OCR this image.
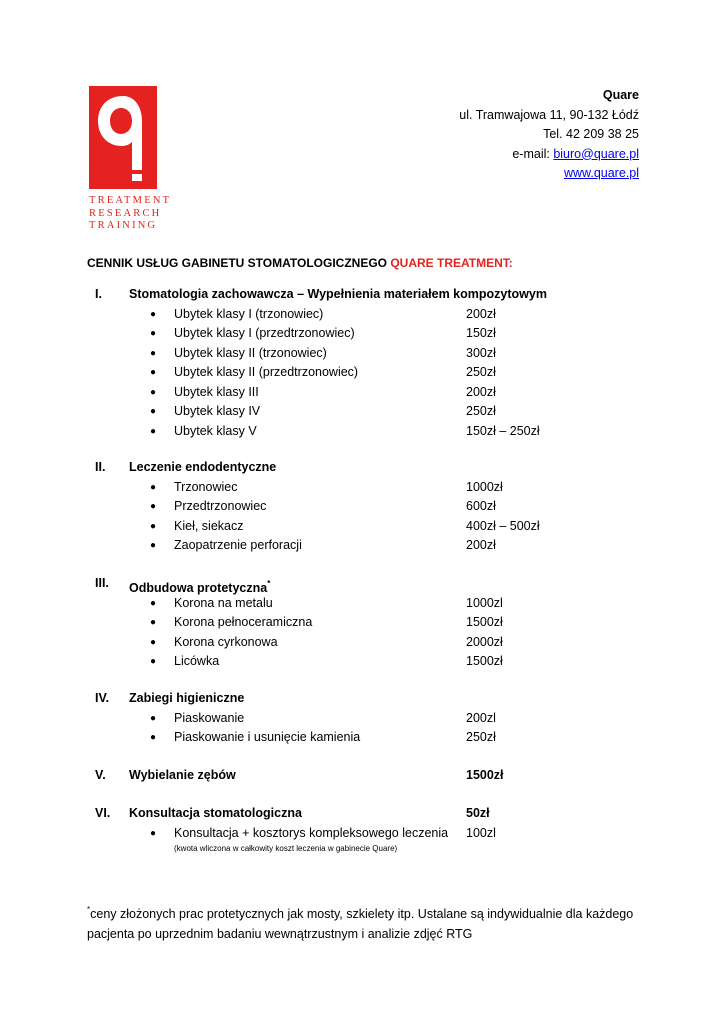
TREATMENT
RESEARCH
TRAINING
Quare
ul. Tramwajowa 11, 90-132 Łódź
Tel. 42 209 38 25
e-mail: biuro@quare.pl
www.quare.pl
CENNIK USŁUG GABINETU STOMATOLOGICZNEGO QUARE TREATMENT:
I. Stomatologia zachowawcza – Wypełnienia materiałem kompozytowym
● Ubytek klasy I (trzonowiec)	200zł
● Ubytek klasy I (przedtrzonowiec)	150zł
● Ubytek klasy II (trzonowiec)	300zł
● Ubytek klasy II (przedtrzonowiec)	250zł
● Ubytek klasy III	200zł
● Ubytek klasy IV	250zł
● Ubytek klasy V	150zł – 250zł
II. Leczenie endodentyczne
● Trzonowiec	1000zł
● Przedtrzonowiec	600zł
● Kieł, siekacz	400zł – 500zł
● Zaopatrzenie perforacji	200zł
III. Odbudowa protetyczna*
● Korona na metalu	1000zl
● Korona pełnoceramiczna	1500zł
● Korona cyrkonowa	2000zł
● Licówka	1500zł
IV. Zabiegi higieniczne
● Piaskowanie	200zl
● Piaskowanie i usunięcie kamienia	250zł
V. Wybielanie zębów	1500zł
VI. Konsultacja stomatologiczna	50zł
● Konsultacja + kosztorys kompleksowego leczenia 100zl
(kwota wliczona w całkowity koszt leczenia w gabinecie Quare)
*ceny złożonych prac protetycznych jak mosty, szkielety itp. Ustalane są indywidualnie dla każdego pacjenta po uprzednim badaniu wewnątrzustnym i analizie zdjęć RTG
